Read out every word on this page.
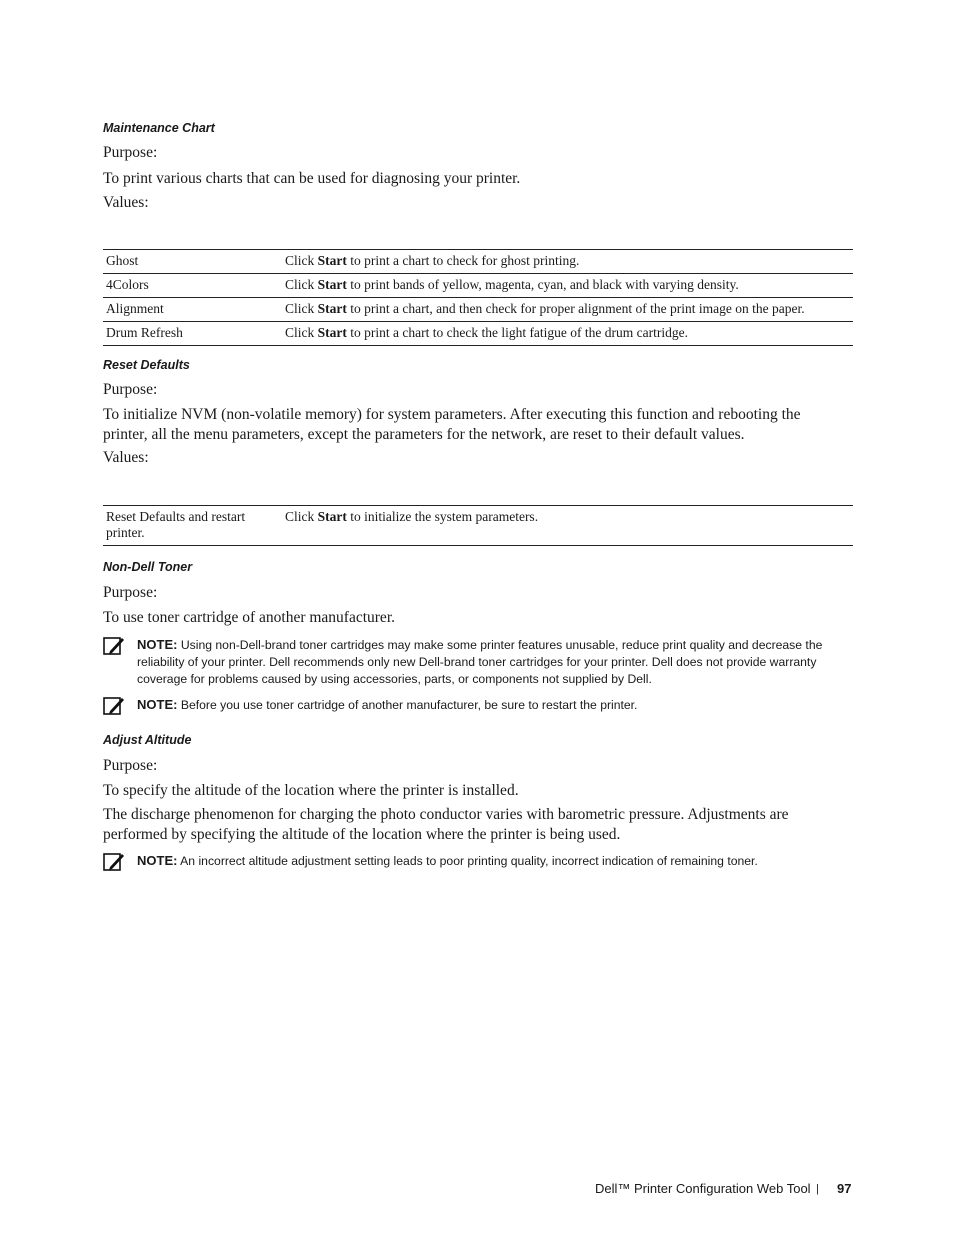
Maintenance Chart
Purpose:
To print various charts that can be used for diagnosing your printer.
Values:
Ghost	Click Start to print a chart to check for ghost printing.
4Colors	Click Start to print bands of yellow, magenta, cyan, and black with varying density.
Alignment	Click Start to print a chart, and then check for proper alignment of the print image on the paper.
Drum Refresh	Click Start to print a chart to check the light fatigue of the drum cartridge.
Reset Defaults
Purpose:
To initialize NVM (non-volatile memory) for system parameters. After executing this function and rebooting the printer, all the menu parameters, except the parameters for the network, are reset to their default values.
Values:
Reset Defaults and restart printer.	Click Start to initialize the system parameters.
Non-Dell Toner
Purpose:
To use toner cartridge of another manufacturer.
NOTE: Using non-Dell-brand toner cartridges may make some printer features unusable, reduce print quality and decrease the reliability of your printer. Dell recommends only new Dell-brand toner cartridges for your printer. Dell does not provide warranty coverage for problems caused by using accessories, parts, or components not supplied by Dell.
NOTE: Before you use toner cartridge of another manufacturer, be sure to restart the printer.
Adjust Altitude
Purpose:
To specify the altitude of the location where the printer is installed.
The discharge phenomenon for charging the photo conductor varies with barometric pressure. Adjustments are performed by specifying the altitude of the location where the printer is being used.
NOTE: An incorrect altitude adjustment setting leads to poor printing quality, incorrect indication of remaining toner.
Dell™ Printer Configuration Web Tool | 97
